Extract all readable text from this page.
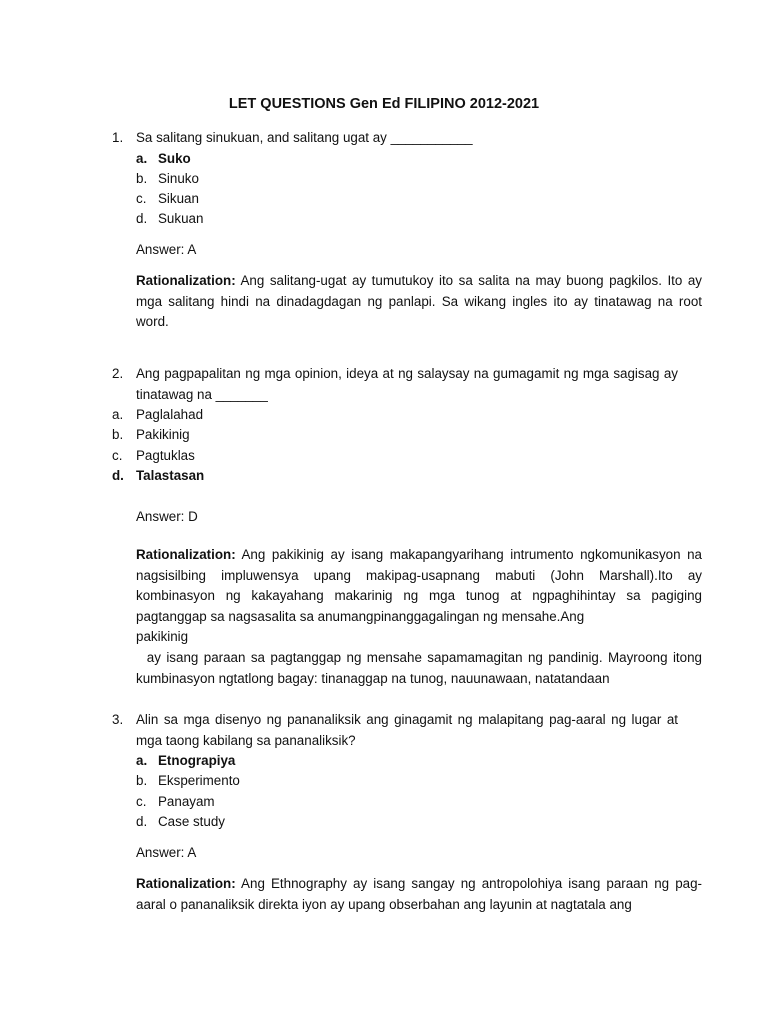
LET QUESTIONS Gen Ed FILIPINO 2012-2021
1. Sa salitang sinukuan, and salitang ugat ay ___________
a. Suko
b. Sinuko
c. Sikuan
d. Sukuan
Answer: A

Rationalization: Ang salitang-ugat ay tumutukoy ito sa salita na may buong pagkilos. Ito ay mga salitang hindi na dinadagdagan ng panlapi. Sa wikang ingles ito ay tinatawag na root word.

2. Ang pagpapalitan ng mga opinion, ideya at ng salaysay na gumagamit ng mga sagisag ay tinatawag na _______
a. Paglalahad
b. Pakikinig
c. Pagtuklas
d. Talastasan
Answer: D

Rationalization: Ang pakikinig ay isang makapangyarihang intrumento ngkomunikasyon na nagsisilbing impluwensya upang makipag-usapnang mabuti (John Marshall).Ito ay kombinasyon ng kakayahang makarinig ng mga tunog at ngpaghihintay sa pagiging pagtanggap sa nagsasalita sa anumangpinanggagalingan ng mensahe.Ang

pakikinig

ay isang paraan sa pagtanggap ng mensahe sapamamagitan ng pandinig. Mayroong itong kumbinasyon ngtatlong bagay: tinanaggap na tunog, nauunawaan, natatandaan

3. Alin sa mga disenyo ng pananaliksik ang ginagamit ng malapitang pag-aaral ng lugar at mga taong kabilang sa pananaliksik?
a. Etnograpiya
b. Eksperimento
c. Panayam
d. Case study
Answer: A

Rationalization: Ang Ethnography ay isang sangay ng antropolohiya isang paraan ng pag-aaral o pananaliksik direkta iyon ay upang obserbahan ang layunin at nagtatala ang
